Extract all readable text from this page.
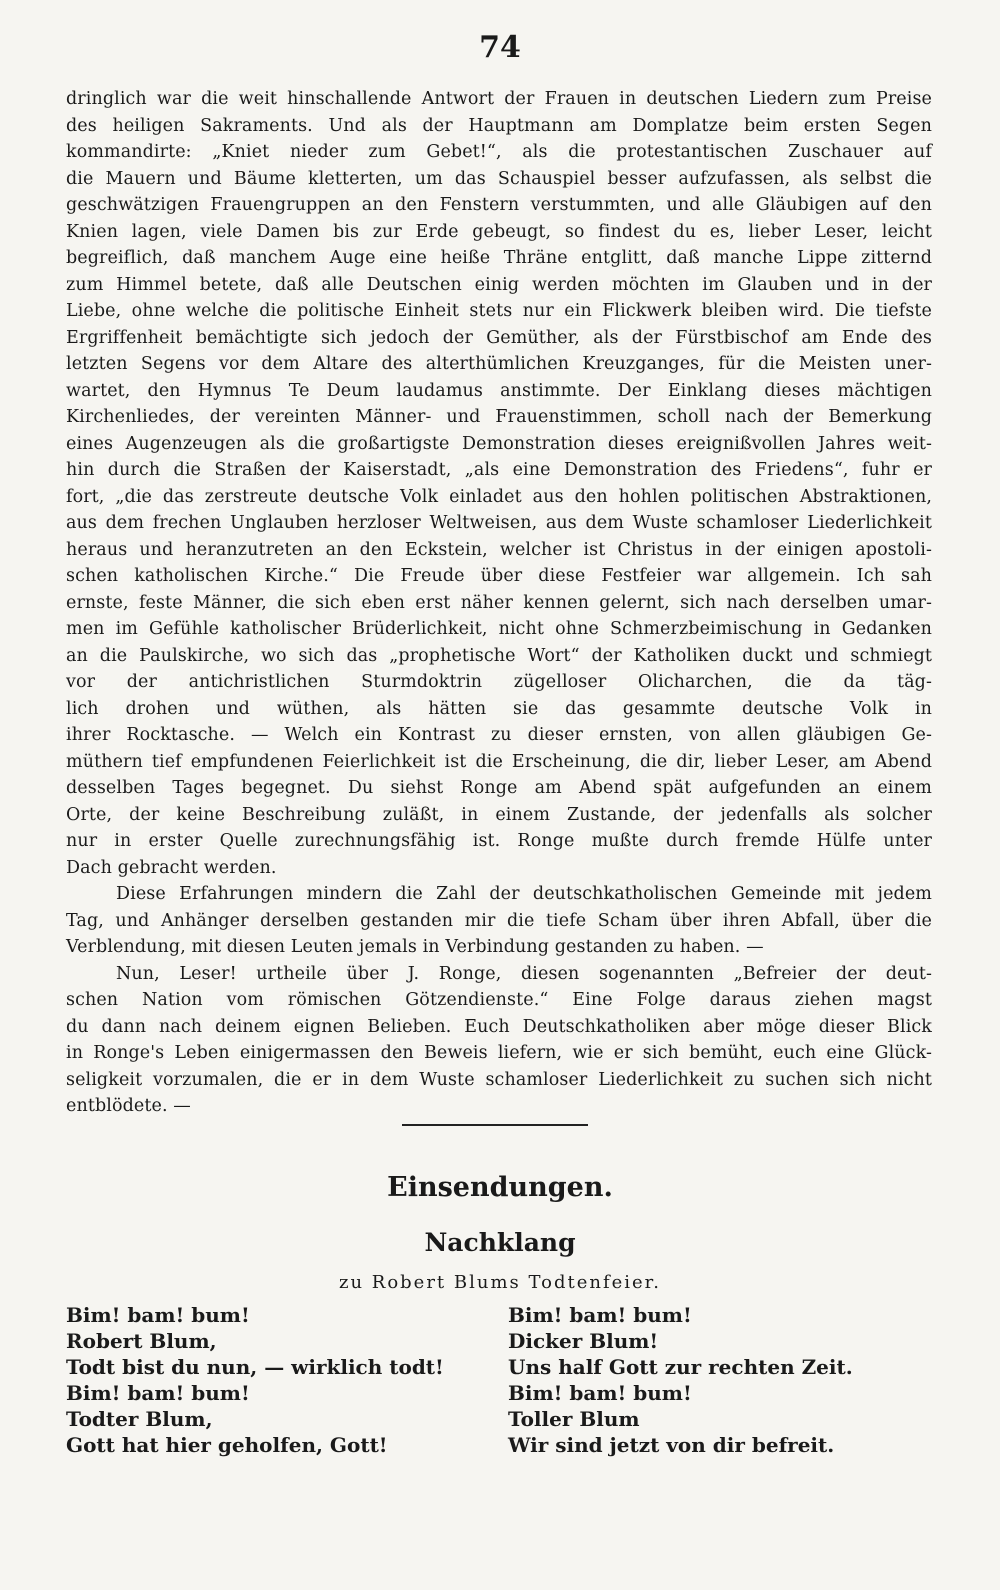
74
dringlich war die weit hinschallende Antwort der Frauen in deutschen Liedern zum Preise
des heiligen Sakraments. Und als der Hauptmann am Domplatze beim ersten Segen
kommandirte: „Kniet nieder zum Gebet!“, als die protestantischen Zuschauer auf
die Mauern und Bäume kletterten, um das Schauspiel besser aufzufassen, als selbst die
geschwätzigen Frauengruppen an den Fenstern verstummten, und alle Gläubigen auf den
Knien lagen, viele Damen bis zur Erde gebeugt, so findest du es, lieber Leser, leicht
begreiflich, daß manchem Auge eine heiße Thräne entglitt, daß manche Lippe zitternd
zum Himmel betete, daß alle Deutschen einig werden möchten im Glauben und in der
Liebe, ohne welche die politische Einheit stets nur ein Flickwerk bleiben wird. Die tiefste
Ergriffenheit bemächtigte sich jedoch der Gemüther, als der Fürstbischof am Ende des
letzten Segens vor dem Altare des alterthümlichen Kreuzganges, für die Meisten uner-
wartet, den Hymnus Te Deum laudamus anstimmte. Der Einklang dieses mächtigen
Kirchenliedes, der vereinten Männer- und Frauenstimmen, scholl nach der Bemerkung
eines Augenzeugen als die großartigste Demonstration dieses ereignißvollen Jahres weit-
hin durch die Straßen der Kaiserstadt, „als eine Demonstration des Friedens“, fuhr er
fort, „die das zerstreute deutsche Volk einladet aus den hohlen politischen Abstraktionen,
aus dem frechen Unglauben herzloser Weltweisen, aus dem Wuste schamloser Liederlichkeit
heraus und heranzutreten an den Eckstein, welcher ist Christus in der einigen apostoli-
schen katholischen Kirche.“ Die Freude über diese Festfeier war allgemein. Ich sah
ernste, feste Männer, die sich eben erst näher kennen gelernt, sich nach derselben umar-
men im Gefühle katholischer Brüderlichkeit, nicht ohne Schmerzbeimischung in Gedanken
an die Paulskirche, wo sich das „prophetische Wort“ der Katholiken duckt und schmiegt
vor der antichristlichen Sturmdoktrin zügelloser Olicharchen, die da täg-
lich drohen und wüthen, als hätten sie das gesammte deutsche Volk in
ihrer Rocktasche. — Welch ein Kontrast zu dieser ernsten, von allen gläubigen Ge-
müthern tief empfundenen Feierlichkeit ist die Erscheinung, die dir, lieber Leser, am Abend
desselben Tages begegnet. Du siehst Ronge am Abend spät aufgefunden an einem
Orte, der keine Beschreibung zuläßt, in einem Zustande, der jedenfalls als solcher
nur in erster Quelle zurechnungsfähig ist. Ronge mußte durch fremde Hülfe unter
Dach gebracht werden.
Diese Erfahrungen mindern die Zahl der deutschkatholischen Gemeinde mit jedem
Tag, und Anhänger derselben gestanden mir die tiefe Scham über ihren Abfall, über die
Verblendung, mit diesen Leuten jemals in Verbindung gestanden zu haben. —
Nun, Leser! urtheile über J. Ronge, diesen sogenannten „Befreier der deut-
schen Nation vom römischen Götzendienste.“ Eine Folge daraus ziehen magst
du dann nach deinem eignen Belieben. Euch Deutschkatholiken aber möge dieser Blick
in Ronge's Leben einigermassen den Beweis liefern, wie er sich bemüht, euch eine Glück-
seligkeit vorzumalen, die er in dem Wuste schamloser Liederlichkeit zu suchen sich nicht
entblödete. —
Einsendungen.
Nachklang
zu Robert Blums Todtenfeier.
Bim! bam! bum!
Robert Blum,
Todt bist du nun, — wirklich todt!
Bim! bam! bum!
Todter Blum,
Gott hat hier geholfen, Gott!
Bim! bam! bum!
Dicker Blum!
Uns half Gott zur rechten Zeit.
Bim! bam! bum!
Toller Blum
Wir sind jetzt von dir befreit.
